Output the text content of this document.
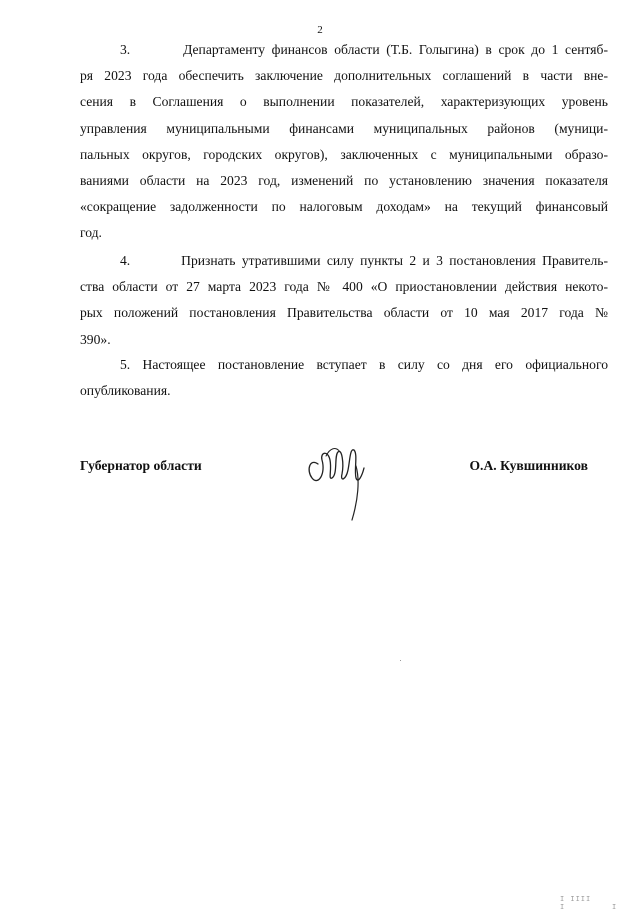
2
3.        Департаменту финансов области (Т.Б. Голыгина) в срок до 1 сентяб-
ря 2023 года обеспечить заключение дополнительных соглашений в части вне-
сения в Соглашения о выполнении показателей, характеризующих уровень
управления муниципальными финансами муниципальных районов (муници-
пальных округов, городских округов), заключенных с муниципальными образо-
ваниями области на 2023 год, изменений по установлению значения показателя
«сокращение задолженности по налоговым доходам» на текущий финансовый
год.
4.        Признать утратившими силу пункты 2 и 3 постановления Правитель-
ства области от 27 марта 2023 года № 400 «О приостановлении действия некото-
рых положений постановления Правительства области от 10 мая 2017 года №
390».
5. Настоящее постановление вступает в силу со дня его официального
опубликования.
Губернатор области	О.А. Кувшинников
I IIII I         I
